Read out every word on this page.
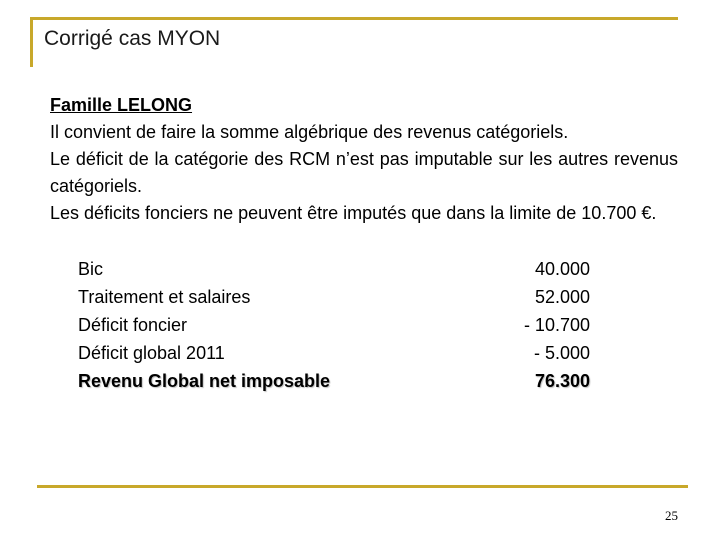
Corrigé cas MYON

Famille LELONG

Il convient de faire la somme algébrique des revenus catégoriels.

Le déficit de la catégorie des RCM n’est pas imputable sur les autres revenus catégoriels.

Les déficits fonciers ne peuvent être imputés que dans la limite de 10.700 €.

Bic	40.000
Traitement et salaires	52.000
Déficit foncier	- 10.700
Déficit global 2011	- 5.000
Revenu Global net imposable	76.300
25
